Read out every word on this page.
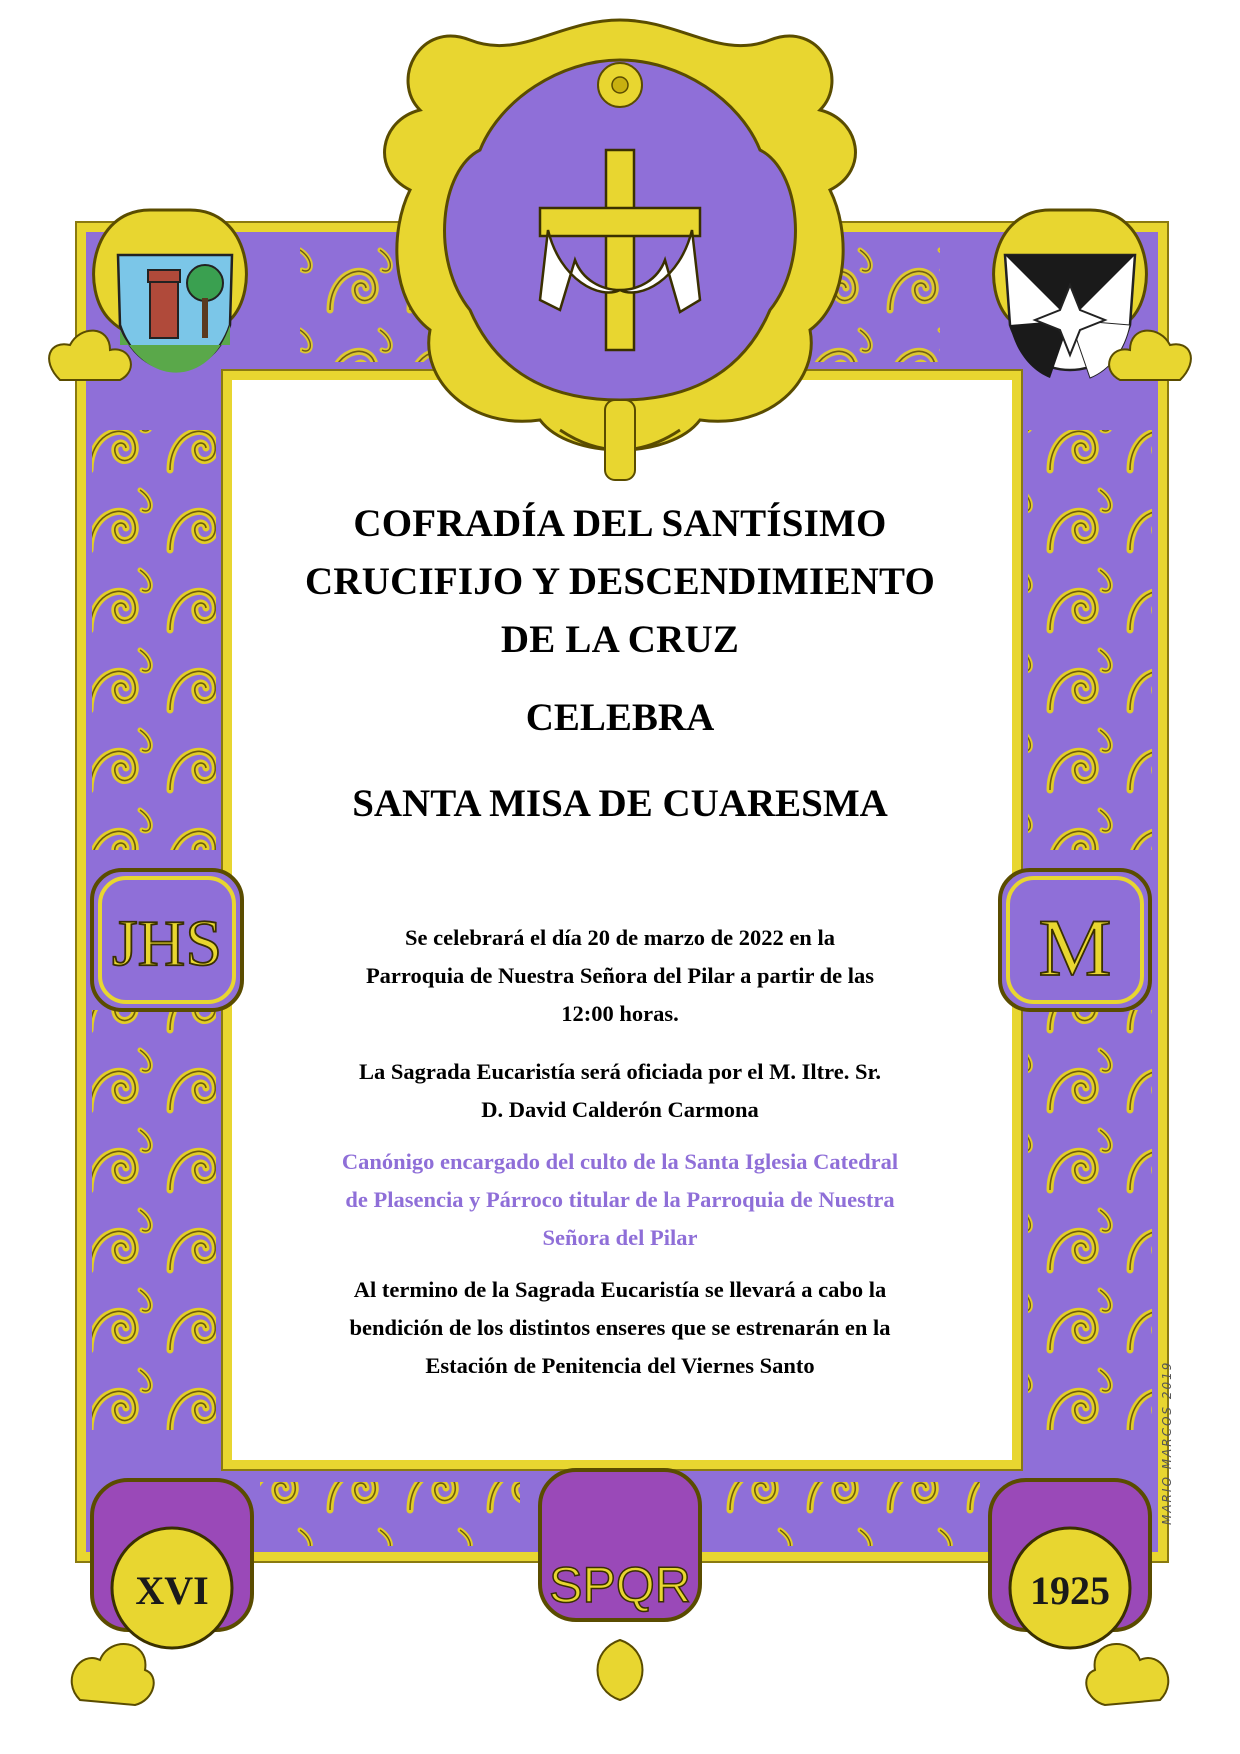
JHS	M
XVI	SPQR	1925

COFRADÍA DEL SANTÍSIMO

CRUCIFIJO Y DESCENDIMIENTO

DE LA CRUZ

CELEBRA

SANTA MISA DE CUARESMA

Se celebrará el día 20 de marzo de 2022 en la
Parroquia de Nuestra Señora del Pilar a partir de las
12:00 horas.

La Sagrada Eucaristía será oficiada por el M. Iltre. Sr.
D. David Calderón Carmona

Canónigo encargado del culto de la Santa Iglesia Catedral
de Plasencia y Párroco titular de la Parroquia de Nuestra
Señora del Pilar

Al termino de la Sagrada Eucaristía se llevará a cabo la
bendición de los distintos enseres que se estrenarán en la
Estación de Penitencia del Viernes Santo	MARIO MARCOS 2019
